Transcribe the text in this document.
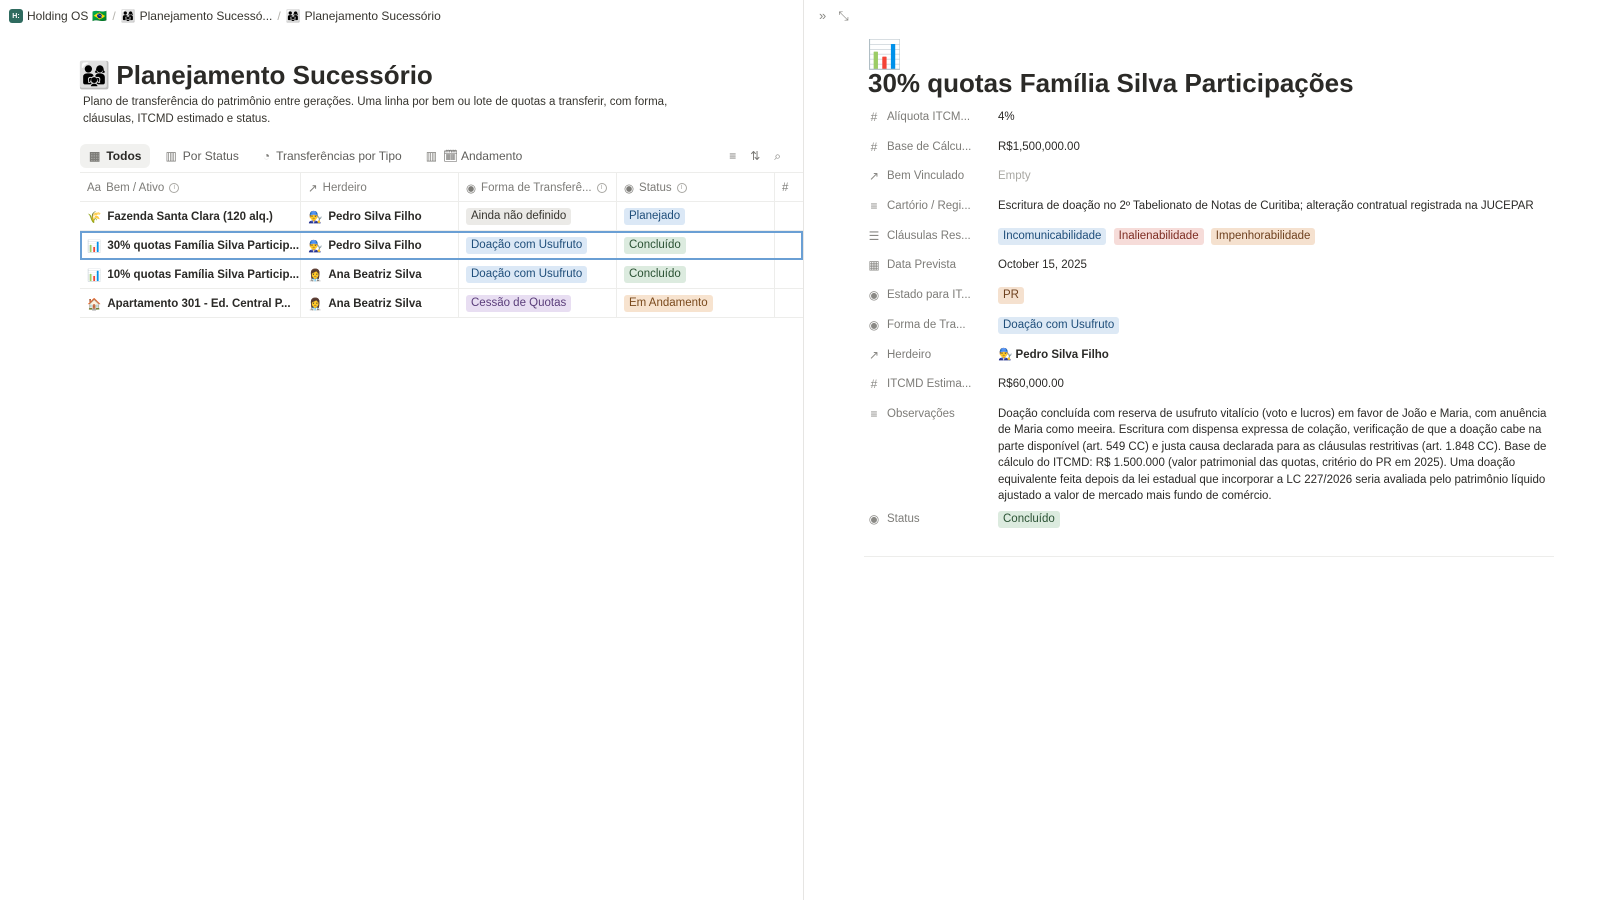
H: Holding OS 🇧🇷 / 👨‍👩‍👧 Planejamento Sucessó... / 👨‍👩‍👧 Planejamento Sucessório
👨‍👩‍👧 Planejamento Sucessório
Plano de transferência do patrimônio entre gerações. Uma linha por bem ou lote de quotas a transferir, com forma, cláusulas, ITCMD estimado e status.
▦ Todos ▥ Por Status ◔ Transferências por Tipo ▥ 🗓 Andamento	≡ ⇅ ⌕
Aa Bem / Ativo	i	↗ Herdeiro	◉ Forma de Transferê...	i	◉ Status	i	#
🌾 Fazenda Santa Clara (120 alq.)	👨‍🔧 Pedro Silva Filho	Ainda não definido	Planejado
📊 30% quotas Família Silva Particip... 👨‍🔧 Pedro Silva Filho	Doação com Usufruto	Concluído
📊 10% quotas Família Silva Particip... 👩‍⚕️ Ana Beatriz Silva	Doação com Usufruto	Concluído
🏠 Apartamento 301 - Ed. Central P... 👩‍⚕️ Ana Beatriz Silva	Cessão de Quotas	Em Andamento
» ⤡
📊
30% quotas Família Silva Participações
# Alíquota ITCM... 4%
# Base de Cálcu... R$1,500,000.00
↗ Bem Vinculado	Empty
≡ Cartório / Regi... Escritura de doação no 2º Tabelionato de Notas de Curitiba; alteração contratual registrada na JUCEPAR
☰ Cláusulas Res...	Incomunicabilidade Inalienabilidade Impenhorabilidade
▦ Data Prevista	October 15, 2025
◉ Estado para IT...	PR
◉ Forma de Tra...	Doação com Usufruto
↗ Herdeiro	👨‍🔧 Pedro Silva Filho
# ITCMD Estima... R$60,000.00
≡ Observações	Doação concluída com reserva de usufruto vitalício (voto e lucros) em favor de João e Maria, com anuência de Maria como meeira. Escritura com dispensa expressa de colação, verificação de que a doação cabe na parte disponível (art. 549 CC) e justa causa declarada para as cláusulas restritivas (art. 1.848 CC). Base de cálculo do ITCMD: R$ 1.500.000 (valor patrimonial das quotas, critério do PR em 2025). Uma doação equivalente feita depois da lei estadual que incorporar a LC 227/2026 seria avaliada pelo patrimônio líquido ajustado a valor de mercado mais fundo de comércio.
◉ Status	Concluído
